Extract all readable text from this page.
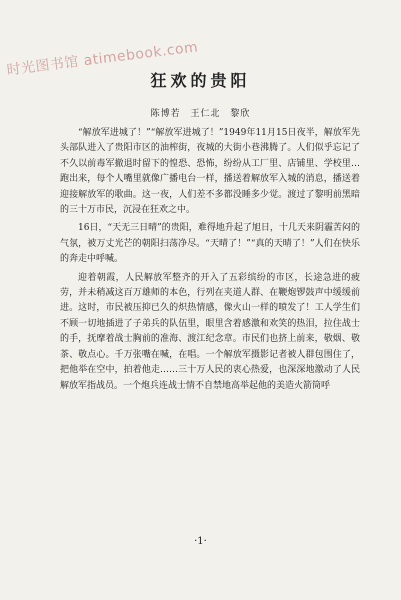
时光图书馆 atimebook.com
狂欢的贵阳
陈博若 王仁北 黎欣

“解放军进城了！”“解放军进城了！”1949年11月15日夜半，解放军先头部队进入了贵阳市区的油榨街，夜城的大街小巷沸腾了。人们似乎忘记了不久以前毒军撤退时留下的惶恐、恐怖，纷纷从工厂里、店铺里、学校里…跑出来，每个人嘴里就像广播电台一样，播送着解放军入城的消息，播送着迎接解放军的歌曲。这一夜，人们差不多都没睡多少觉。渡过了黎明前黑暗的三十万市民，沉浸在狂欢之中。

16日，“天无三日晴”的贵阳，难得地升起了旭日，十几天来阴霾苦闷的气氛，被万丈光芒的朝阳扫荡净尽。“天晴了！”“真的天晴了！”人们在快乐的奔走中呼喊。

迎着朝霞，人民解放军整齐的开入了五彩缤纷的市区，长途急进的疲劳，并未稍减这百万雄师的本色，行列在夹道人群、在鞭炮锣鼓声中缓缓前进。这时，市民被压抑已久的炽热情感，像火山一样的喷发了！工人学生们不顾一切地插进了子弟兵的队伍里，眼里含着感激和欢笑的热泪，拉住战士的手，抚摩着战士胸前的准海、渡江纪念章。市民们也挤上前来，敬烟、敬茶、敬点心。千万张嘴在喊，在唱。一个解放军摄影记者被人群包围住了，把他举在空中，拍着他走……三十万人民的衷心热爱，也深深地激动了人民解放军指战员。一个炮兵连战士情不自禁地高举起他的美造火箭筒呼

·1·
